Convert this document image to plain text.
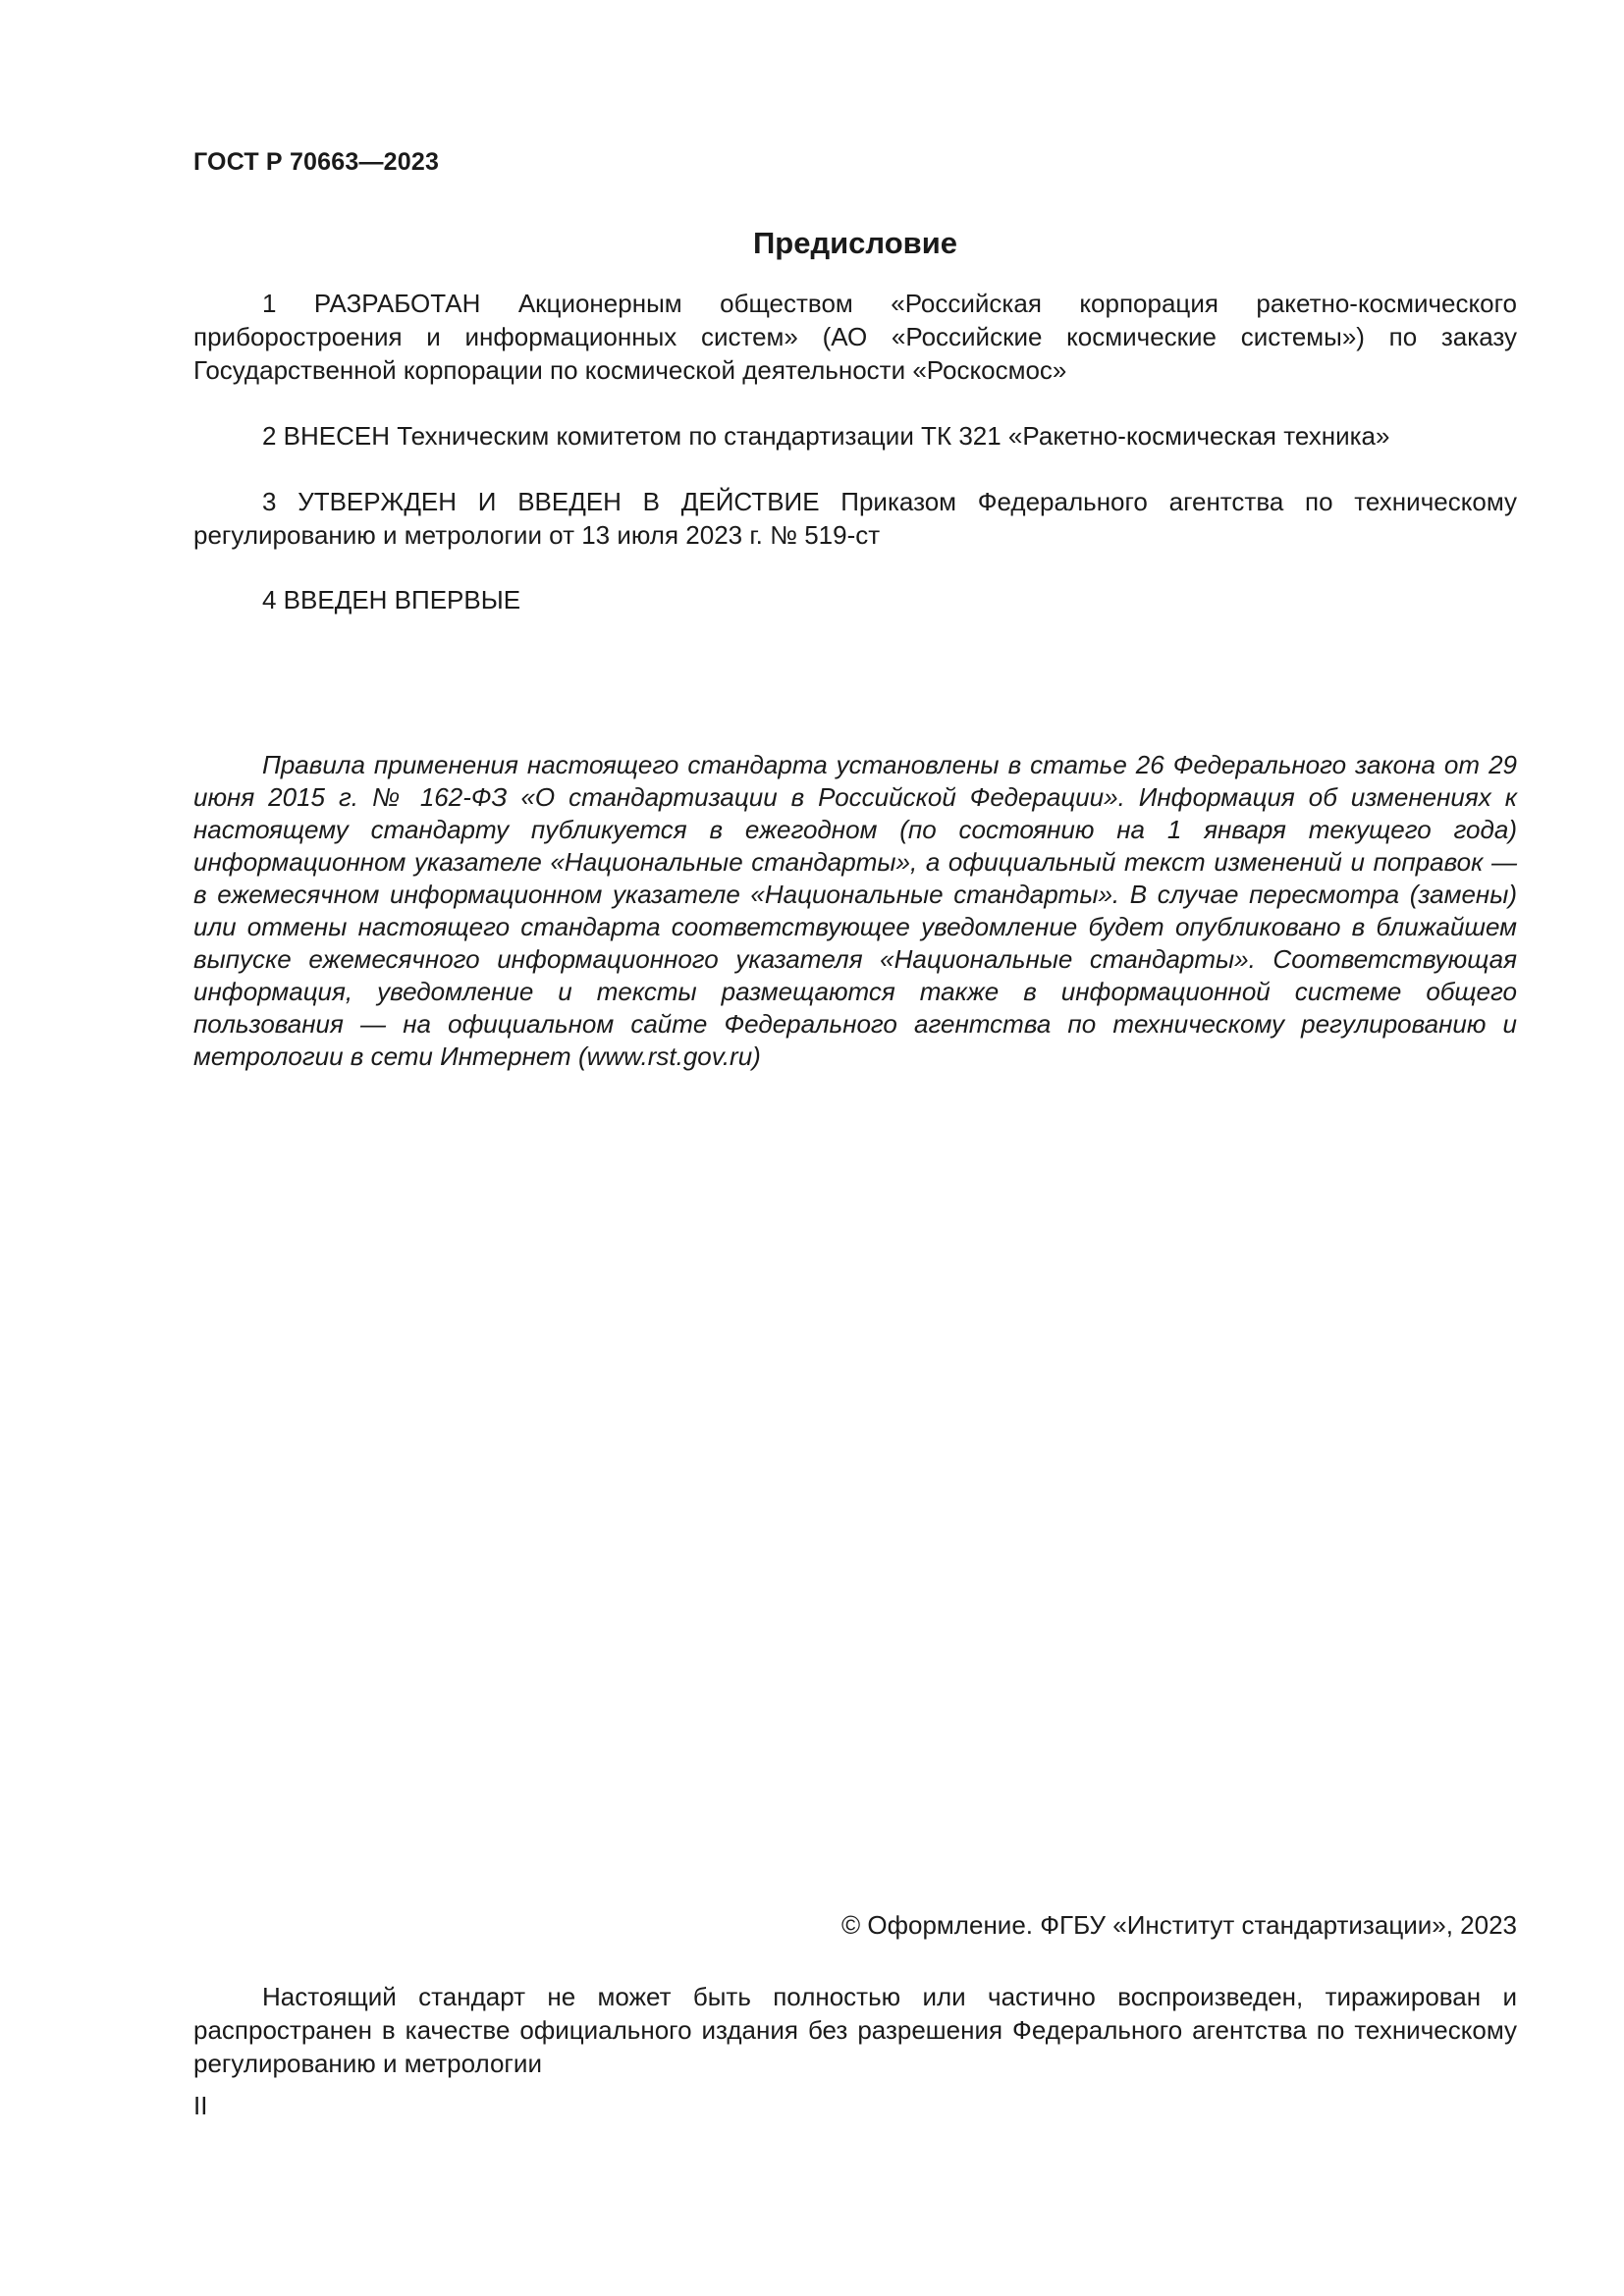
ГОСТ Р 70663—2023
Предисловие

1 РАЗРАБОТАН Акционерным обществом «Российская корпорация ракетно-космического приборостроения и информационных систем» (АО «Российские космические системы») по заказу Государственной корпорации по космической деятельности «Роскосмос»

2 ВНЕСЕН Техническим комитетом по стандартизации ТК 321 «Ракетно-космическая техника»

3 УТВЕРЖДЕН И ВВЕДЕН В ДЕЙСТВИЕ Приказом Федерального агентства по техническому регулированию и метрологии от 13 июля 2023 г. № 519-ст

4 ВВЕДЕН ВПЕРВЫЕ

Правила применения настоящего стандарта установлены в статье 26 Федерального закона от 29 июня 2015 г. № 162-ФЗ «О стандартизации в Российской Федерации». Информация об изменениях к настоящему стандарту публикуется в ежегодном (по состоянию на 1 января текущего года) информационном указателе «Национальные стандарты», а официальный текст изменений и поправок — в ежемесячном информационном указателе «Национальные стандарты». В случае пересмотра (замены) или отмены настоящего стандарта соответствующее уведомление будет опубликовано в ближайшем выпуске ежемесячного информационного указателя «Национальные стандарты». Соответствующая информация, уведомление и тексты размещаются также в информационной системе общего пользования — на официальном сайте Федерального агентства по техническому регулированию и метрологии в сети Интернет (www.rst.gov.ru)

© Оформление. ФГБУ «Институт стандартизации», 2023

Настоящий стандарт не может быть полностью или частично воспроизведен, тиражирован и распространен в качестве официального издания без разрешения Федерального агентства по техническому регулированию и метрологии

II
